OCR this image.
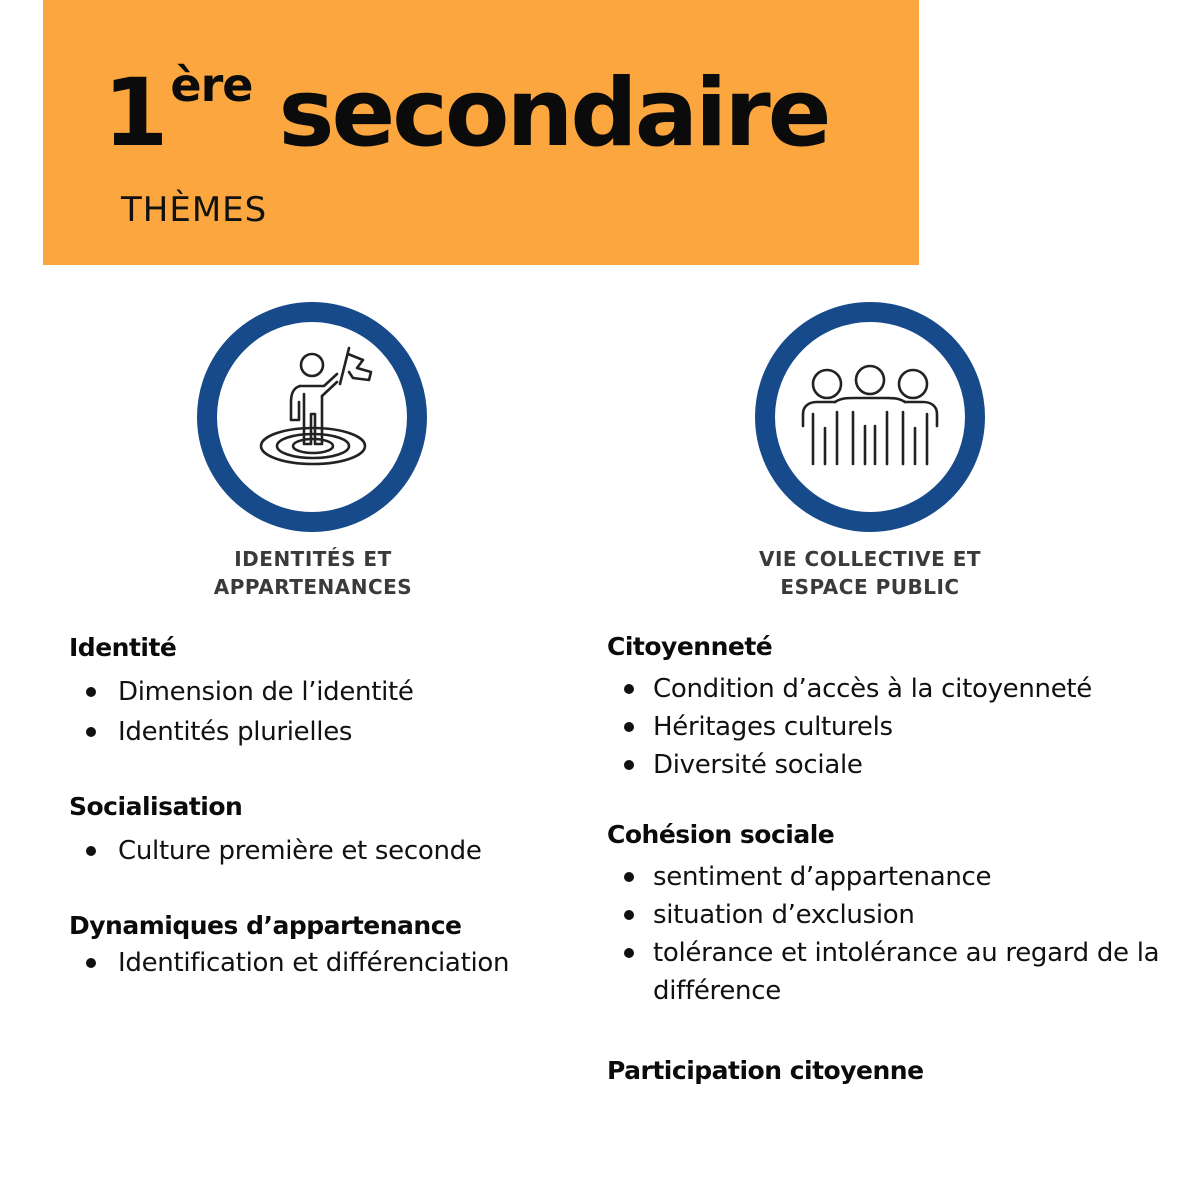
1 $^{ère}$ secondaire
THÈMES
IDENTITÉS ET
APPARTENANCES
VIE COLLECTIVE ET
ESPACE PUBLIC
Identité
Dimension de l’identité
Identités plurielles
Socialisation
Culture première et seconde
Dynamiques d’appartenance
Identification et différenciation
Citoyenneté
Condition d’accès à la citoyenneté
Héritages culturels
Diversité sociale
Cohésion sociale
sentiment d’appartenance
situation d’exclusion
tolérance et intolérance au regard de la différence
Participation citoyenne
